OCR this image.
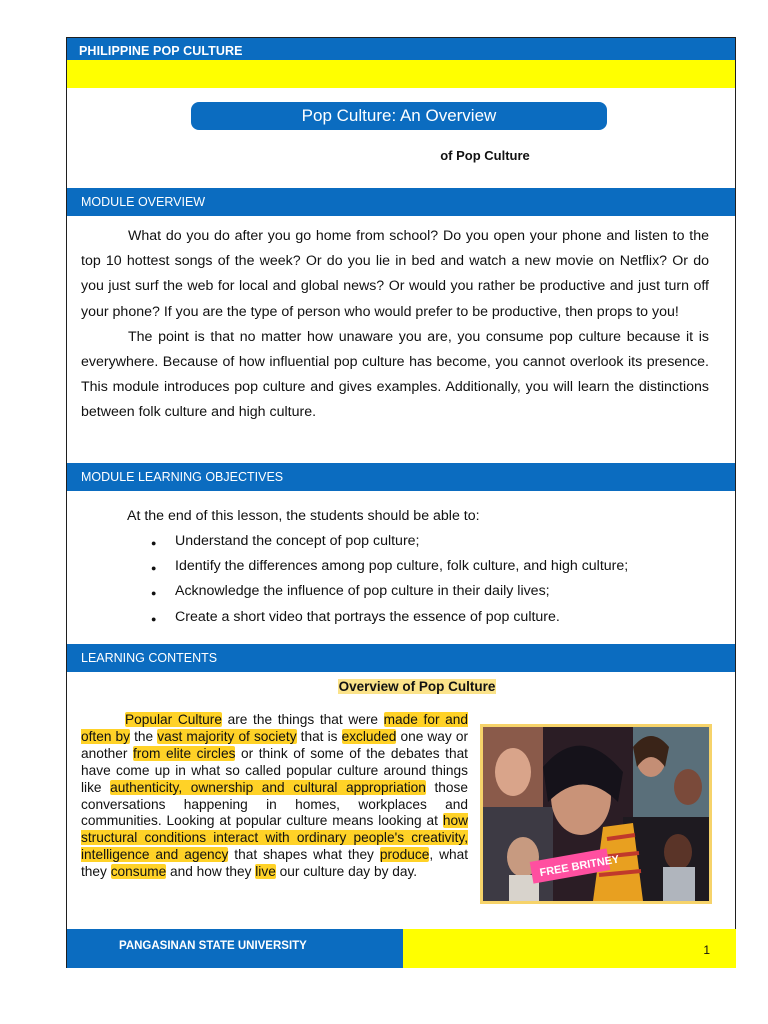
PHILIPPINE POP CULTURE
Pop Culture: An Overview
of Pop Culture
MODULE OVERVIEW

What do you do after you go home from school? Do you open your phone and listen to the top 10 hottest songs of the week? Or do you lie in bed and watch a new movie on Netflix? Or do you just surf the web for local and global news? Or would you rather be productive and just turn off your phone? If you are the type of person who would prefer to be productive, then props to you!

The point is that no matter how unaware you are, you consume pop culture because it is everywhere. Because of how influential pop culture has become, you cannot overlook its presence. This module introduces pop culture and gives examples. Additionally, you will learn the distinctions between folk culture and high culture.

MODULE LEARNING OBJECTIVES
At the end of this lesson, the students should be able to:
● Understand the concept of pop culture;
● Identify the differences among pop culture, folk culture, and high culture;
● Acknowledge the influence of pop culture in their daily lives;
● Create a short video that portrays the essence of pop culture.
LEARNING CONTENTS
Overview of Pop Culture
Popular Culture are the things that were made for and often by the vast majority of society that is excluded one way or another from elite circles or think of some of the debates that have come up in what so called popular culture around things like authenticity, ownership and cultural appropriation those conversations happening in homes, workplaces and communities. Looking at popular culture means looking at how structural conditions interact with ordinary people's creativity, intelligence and agency that shapes what they produce, what they consume and how they live our culture day by day.	FREE BRITNEY
PANGASINAN STATE UNIVERSITY	1
